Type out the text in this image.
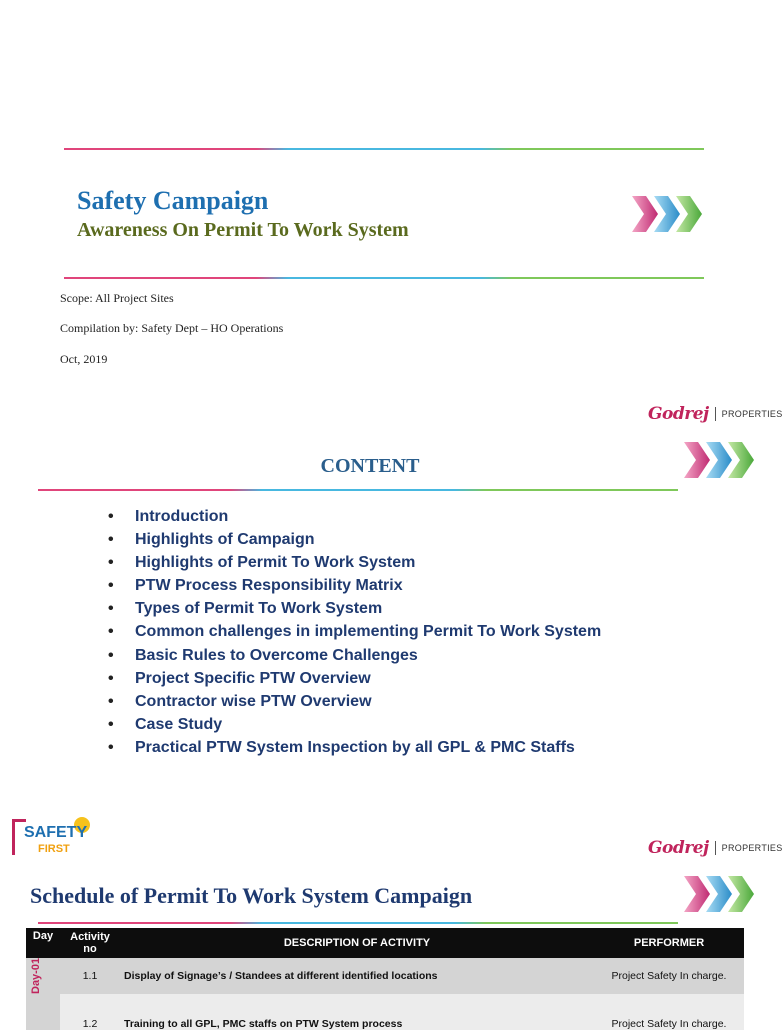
Safety Campaign
Awareness On Permit To Work System
Scope: All Project Sites
Compilation by: Safety Dept – HO Operations
Oct, 2019
Godrej PROPERTIES
CONTENT
• Introduction
• Highlights of Campaign
• Highlights of Permit To Work System
• PTW Process Responsibility Matrix
• Types of Permit To Work System
• Common challenges in implementing Permit To Work System
• Basic Rules to Overcome Challenges
• Project Specific PTW Overview
• Contractor wise PTW Overview
• Case Study
• Practical PTW System Inspection by all GPL & PMC Staffs
SAFETY
FIRST	Godrej PROPERTIES
Schedule of Permit To Work System Campaign
Day	Activity no	DESCRIPTION OF ACTIVITY	PERFORMER

Day-01	1.1	Display of Signage’s / Standees at different identified locations	Project Safety In charge.
	1.2	Training to all GPL, PMC staffs on PTW System process	Project Safety In charge.
